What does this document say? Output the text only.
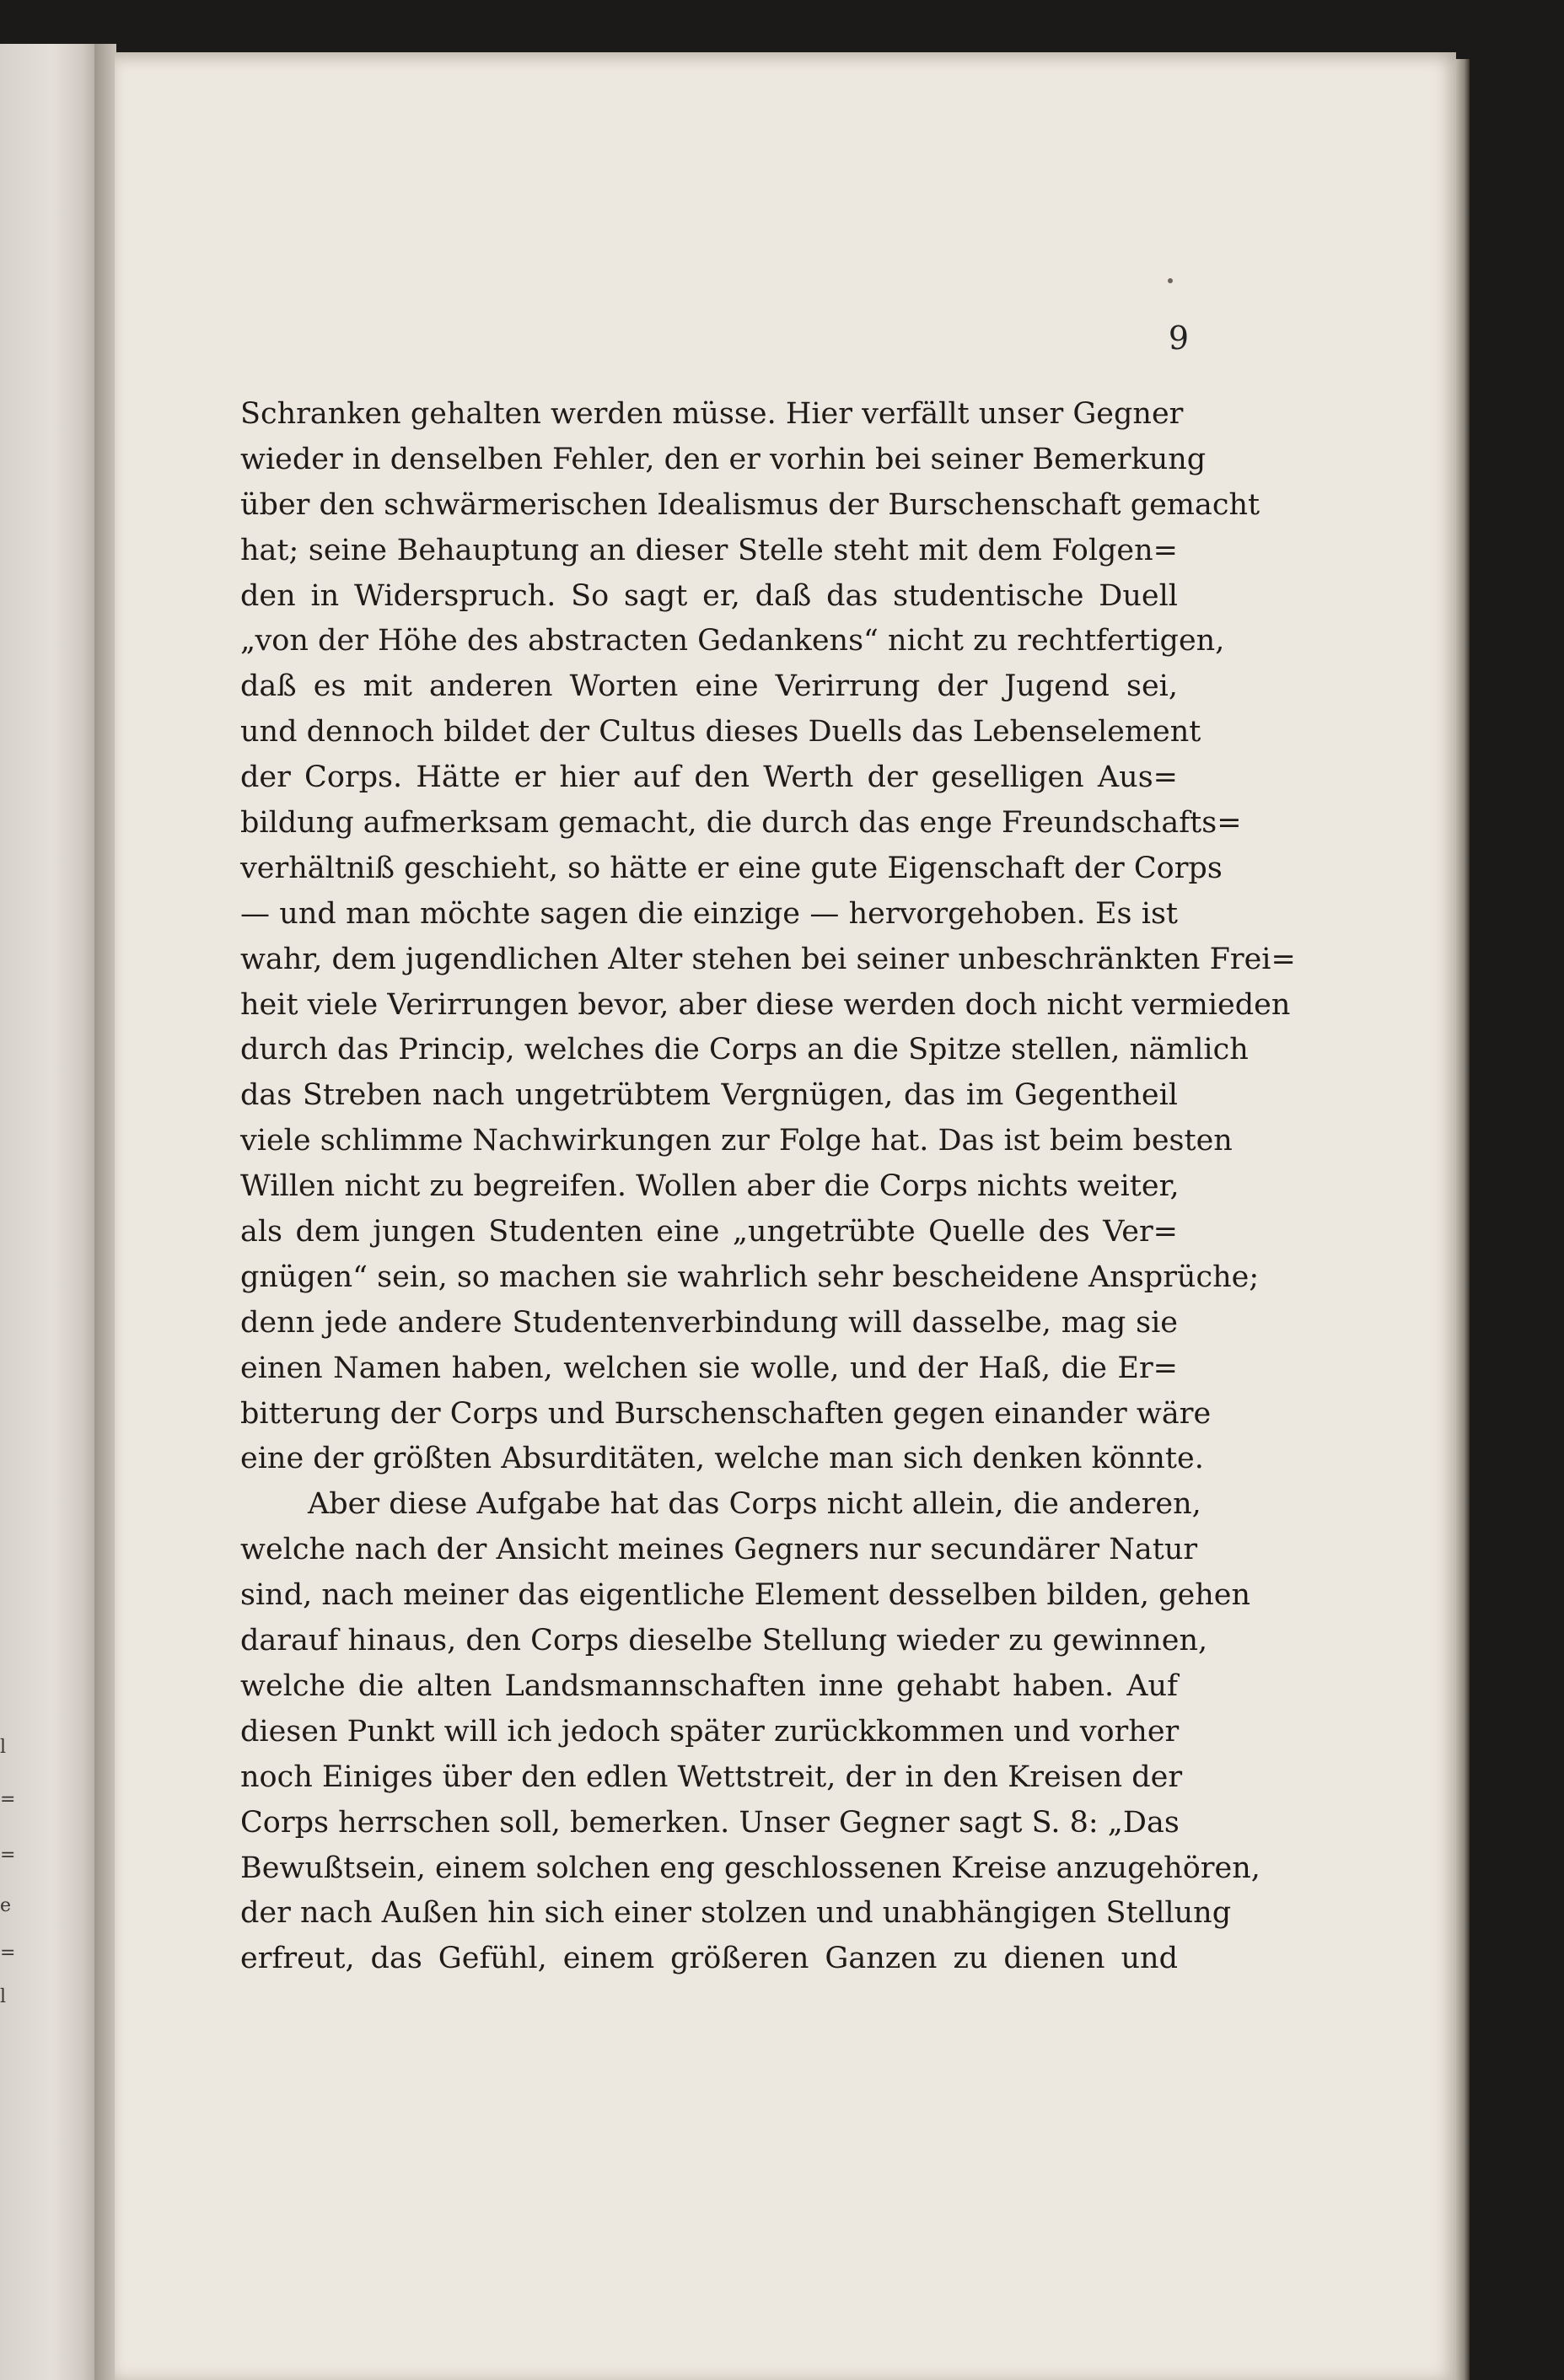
l
=
=
e
=
l
9
Schranken gehalten werden müsse. Hier verfällt unser Gegner
wieder in denselben Fehler, den er vorhin bei seiner Bemerkung
über den schwärmerischen Idealismus der Burschenschaft gemacht
hat; seine Behauptung an dieser Stelle steht mit dem Folgen=
den in Widerspruch. So sagt er, daß das studentische Duell
„von der Höhe des abstracten Gedankens“ nicht zu rechtfertigen,
daß es mit anderen Worten eine Verirrung der Jugend sei,
und dennoch bildet der Cultus dieses Duells das Lebenselement
der Corps. Hätte er hier auf den Werth der geselligen Aus=
bildung aufmerksam gemacht, die durch das enge Freundschafts=
verhältniß geschieht, so hätte er eine gute Eigenschaft der Corps
— und man möchte sagen die einzige — hervorgehoben. Es ist
wahr, dem jugendlichen Alter stehen bei seiner unbeschränkten Frei=
heit viele Verirrungen bevor, aber diese werden doch nicht vermieden
durch das Princip, welches die Corps an die Spitze stellen, nämlich
das Streben nach ungetrübtem Vergnügen, das im Gegentheil
viele schlimme Nachwirkungen zur Folge hat. Das ist beim besten
Willen nicht zu begreifen. Wollen aber die Corps nichts weiter,
als dem jungen Studenten eine „ungetrübte Quelle des Ver=
gnügen“ sein, so machen sie wahrlich sehr bescheidene Ansprüche;
denn jede andere Studentenverbindung will dasselbe, mag sie
einen Namen haben, welchen sie wolle, und der Haß, die Er=
bitterung der Corps und Burschenschaften gegen einander wäre
eine der größten Absurditäten, welche man sich denken könnte.
Aber diese Aufgabe hat das Corps nicht allein, die anderen,
welche nach der Ansicht meines Gegners nur secundärer Natur
sind, nach meiner das eigentliche Element desselben bilden, gehen
darauf hinaus, den Corps dieselbe Stellung wieder zu gewinnen,
welche die alten Landsmannschaften inne gehabt haben. Auf
diesen Punkt will ich jedoch später zurückkommen und vorher
noch Einiges über den edlen Wettstreit, der in den Kreisen der
Corps herrschen soll, bemerken. Unser Gegner sagt S. 8: „Das
Bewußtsein, einem solchen eng geschlossenen Kreise anzugehören,
der nach Außen hin sich einer stolzen und unabhängigen Stellung
erfreut, das Gefühl, einem größeren Ganzen zu dienen und
